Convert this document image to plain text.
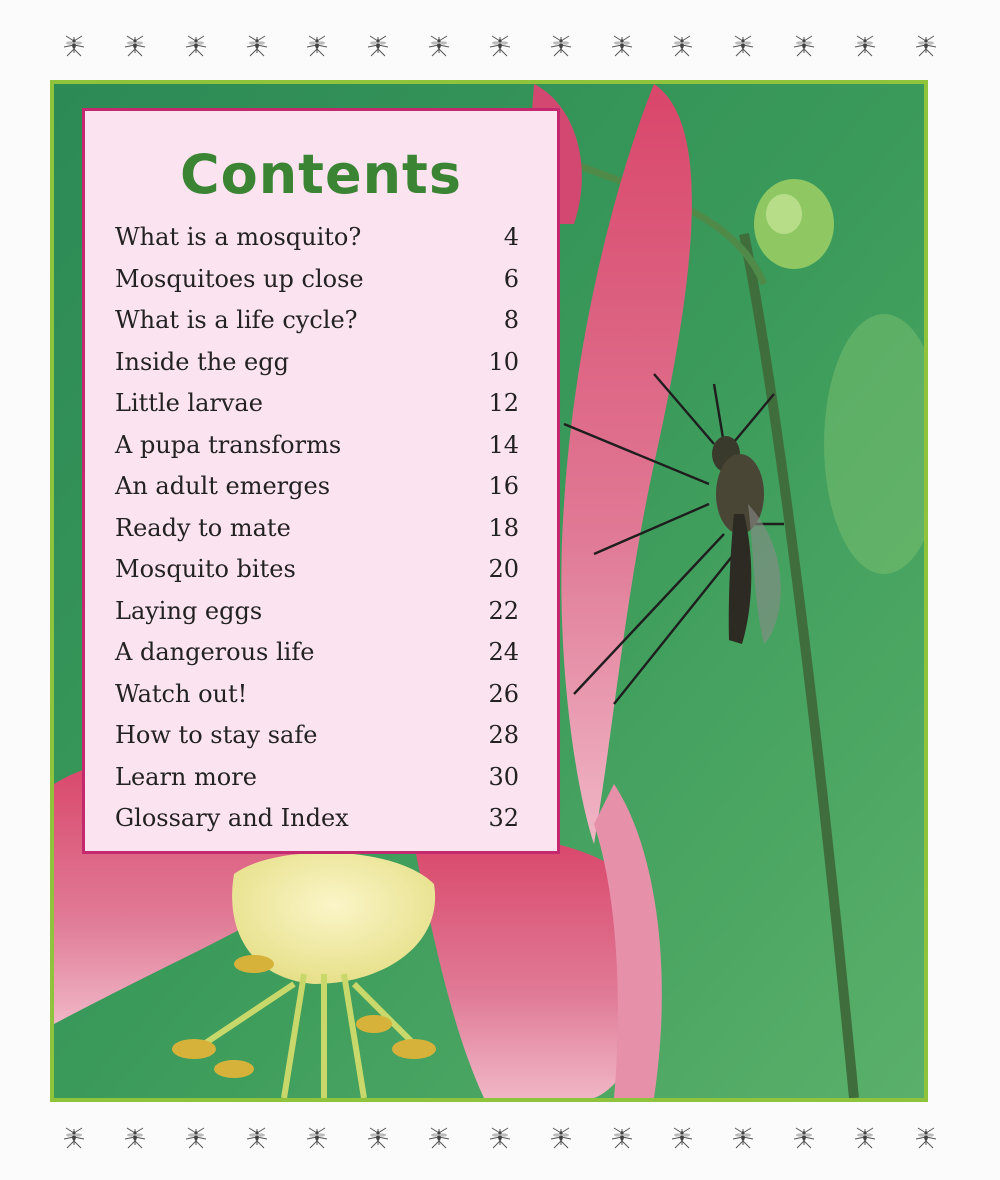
Contents
What is a mosquito?	4
Mosquitoes up close	6
What is a life cycle?	8
Inside the egg	10
Little larvae	12
A pupa transforms	14
An adult emerges	16
Ready to mate	18
Mosquito bites	20
Laying eggs	22
A dangerous life	24
Watch out!	26
How to stay safe	28
Learn more	30
Glossary and Index	32
